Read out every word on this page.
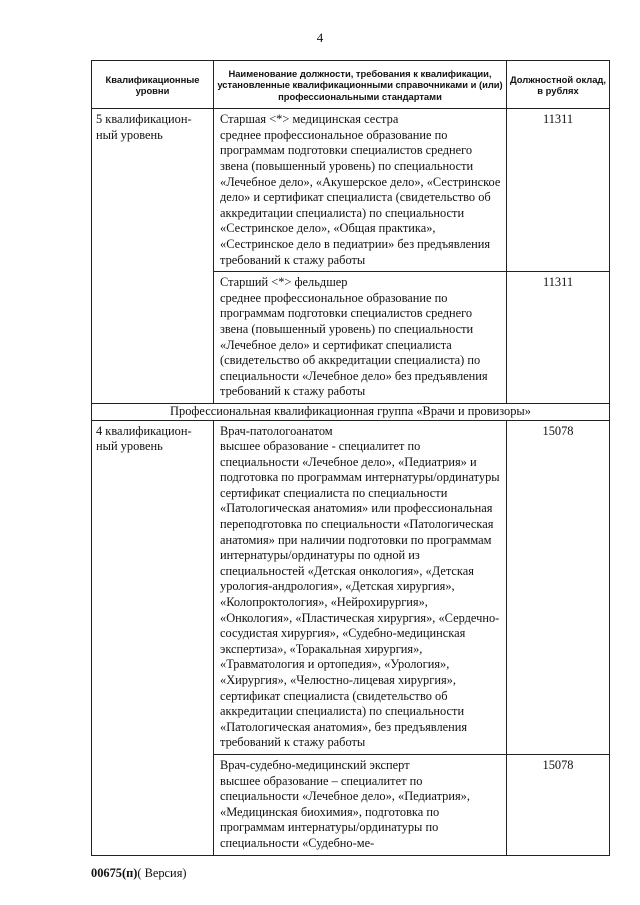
4
Квалификационные уровни	Наименование должности, требования к квалификации, установленные квалификационными справочниками и (или) профессиональными стандартами	Должностной оклад, в рублях

5 квалификацион-ный уровень	Старшая <*> медицинская сестра
среднее профессиональное образование по программам подготовки специалистов среднего звена (повышенный уровень) по специальности «Лечебное дело», «Акушерское дело», «Сестринское дело» и сертификат специалиста (свидетельство об аккредитации специалиста) по специальности «Сестринское дело», «Общая практика», «Сестринское дело в педиатрии» без предъявления требований к стажу работы	11311

	Старший <*> фельдшер
среднее профессиональное образование по программам подготовки специалистов среднего звена (повышенный уровень) по специальности «Лечебное дело» и сертификат специалиста (свидетельство об аккредитации специалиста) по специальности «Лечебное дело» без предъявления требований к стажу работы	11311

Профессиональная квалификационная группа «Врачи и провизоры»		

4 квалификацион-ный уровень	Врач-патологоанатом
высшее образование - специалитет по специальности «Лечебное дело», «Педиатрия» и подготовка по программам интернатуры/ординатуры сертификат специалиста по специальности «Патологическая анатомия» или профессиональная переподготовка по специальности «Патологическая анатомия» при наличии подготовки по программам интернатуры/ординатуры по одной из специальностей «Детская онкология», «Детская урология-андрология», «Детская хирургия», «Колопроктология», «Нейрохирургия», «Онкология», «Пластическая хирургия», «Сердечно-сосудистая хирургия», «Судебно-медицинская экспертиза», «Торакальная хирургия», «Травматология и ортопедия», «Урология», «Хирургия», «Челюстно-лицевая хирургия», сертификат специалиста (свидетельство об аккредитации специалиста) по специальности «Патологическая анатомия», без предъявления требований к стажу работы	15078

	Врач-судебно-медицинский эксперт
высшее образование – специалитет по специальности «Лечебное дело», «Педиатрия», «Медицинская биохимия», подготовка по программам интернатуры/ординатуры по специальности «Судебно-ме-	15078
00675(п)( Версия)
